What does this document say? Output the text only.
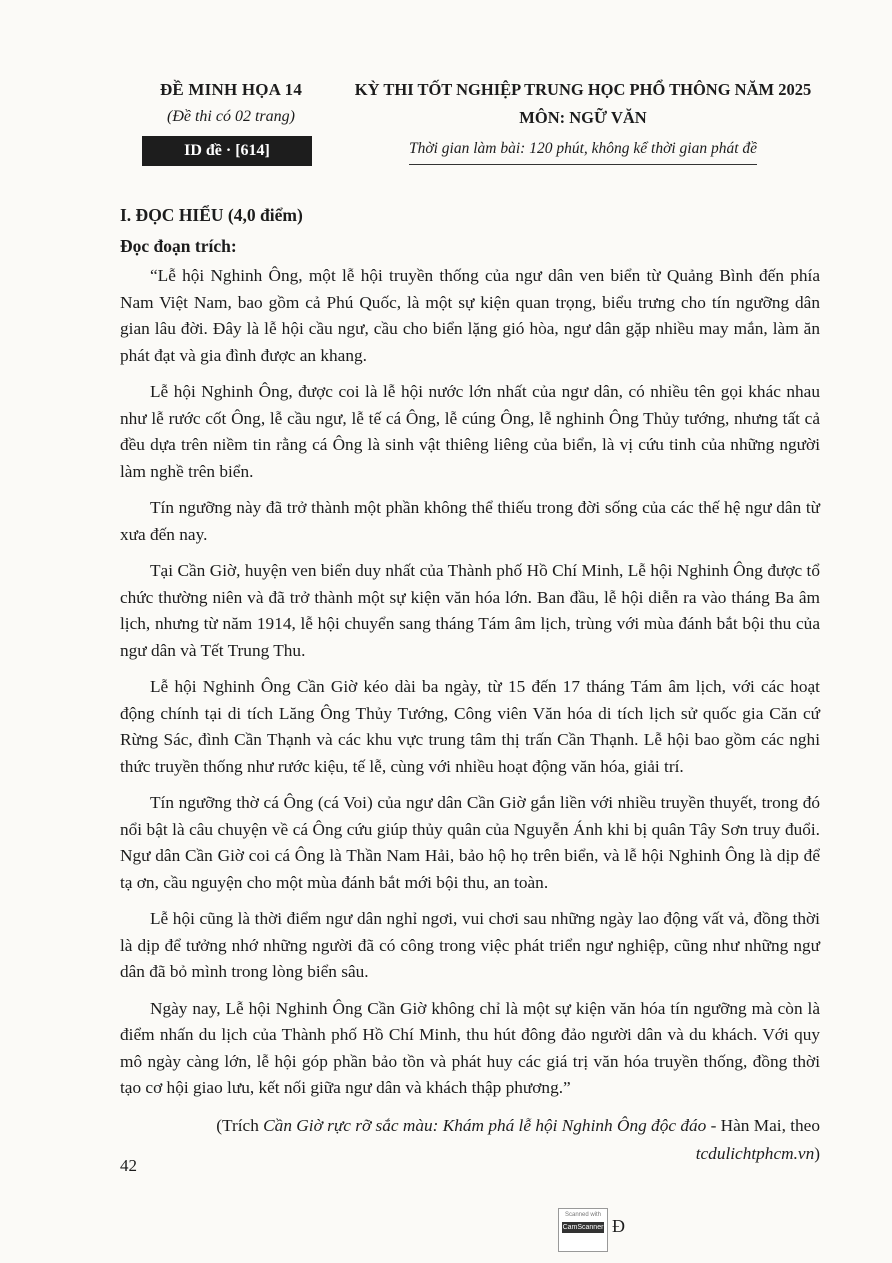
ĐỀ MINH HỌA 14
(Đề thi có 02 trang)
ID đề · [614]
KỲ THI TỐT NGHIỆP TRUNG HỌC PHỔ THÔNG NĂM 2025
MÔN: NGỮ VĂN
Thời gian làm bài: 120 phút, không kể thời gian phát đề

I. ĐỌC HIỂU (4,0 điểm)

Đọc đoạn trích:

“Lễ hội Nghinh Ông, một lễ hội truyền thống của ngư dân ven biển từ Quảng Bình đến phía Nam Việt Nam, bao gồm cả Phú Quốc, là một sự kiện quan trọng, biểu trưng cho tín ngưỡng dân gian lâu đời. Đây là lễ hội cầu ngư, cầu cho biển lặng gió hòa, ngư dân gặp nhiều may mắn, làm ăn phát đạt và gia đình được an khang.

Lễ hội Nghinh Ông, được coi là lễ hội nước lớn nhất của ngư dân, có nhiều tên gọi khác nhau như lễ rước cốt Ông, lễ cầu ngư, lễ tế cá Ông, lễ cúng Ông, lễ nghinh Ông Thủy tướng, nhưng tất cả đều dựa trên niềm tin rằng cá Ông là sinh vật thiêng liêng của biển, là vị cứu tinh của những người làm nghề trên biển.

Tín ngưỡng này đã trở thành một phần không thể thiếu trong đời sống của các thế hệ ngư dân từ xưa đến nay.

Tại Cần Giờ, huyện ven biển duy nhất của Thành phố Hồ Chí Minh, Lễ hội Nghinh Ông được tổ chức thường niên và đã trở thành một sự kiện văn hóa lớn. Ban đầu, lễ hội diễn ra vào tháng Ba âm lịch, nhưng từ năm 1914, lễ hội chuyển sang tháng Tám âm lịch, trùng với mùa đánh bắt bội thu của ngư dân và Tết Trung Thu.

Lễ hội Nghinh Ông Cần Giờ kéo dài ba ngày, từ 15 đến 17 tháng Tám âm lịch, với các hoạt động chính tại di tích Lăng Ông Thủy Tướng, Công viên Văn hóa di tích lịch sử quốc gia Căn cứ Rừng Sác, đình Cần Thạnh và các khu vực trung tâm thị trấn Cần Thạnh. Lễ hội bao gồm các nghi thức truyền thống như rước kiệu, tế lễ, cùng với nhiều hoạt động văn hóa, giải trí.

Tín ngưỡng thờ cá Ông (cá Voi) của ngư dân Cần Giờ gắn liền với nhiều truyền thuyết, trong đó nổi bật là câu chuyện về cá Ông cứu giúp thủy quân của Nguyễn Ánh khi bị quân Tây Sơn truy đuổi. Ngư dân Cần Giờ coi cá Ông là Thần Nam Hải, bảo hộ họ trên biển, và lễ hội Nghinh Ông là dịp để tạ ơn, cầu nguyện cho một mùa đánh bắt mới bội thu, an toàn.

Lễ hội cũng là thời điểm ngư dân nghỉ ngơi, vui chơi sau những ngày lao động vất vả, đồng thời là dịp để tưởng nhớ những người đã có công trong việc phát triển ngư nghiệp, cũng như những ngư dân đã bỏ mình trong lòng biển sâu.

Ngày nay, Lễ hội Nghinh Ông Cần Giờ không chỉ là một sự kiện văn hóa tín ngưỡng mà còn là điểm nhấn du lịch của Thành phố Hồ Chí Minh, thu hút đông đảo người dân và du khách. Với quy mô ngày càng lớn, lễ hội góp phần bảo tồn và phát huy các giá trị văn hóa truyền thống, đồng thời tạo cơ hội giao lưu, kết nối giữa ngư dân và khách thập phương.”

(Trích Cần Giờ rực rỡ sắc màu: Khám phá lễ hội Nghinh Ông độc đáo - Hàn Mai, theo
tcdulichtphcm.vn)

42
Scanned with
CamScanner Đ
